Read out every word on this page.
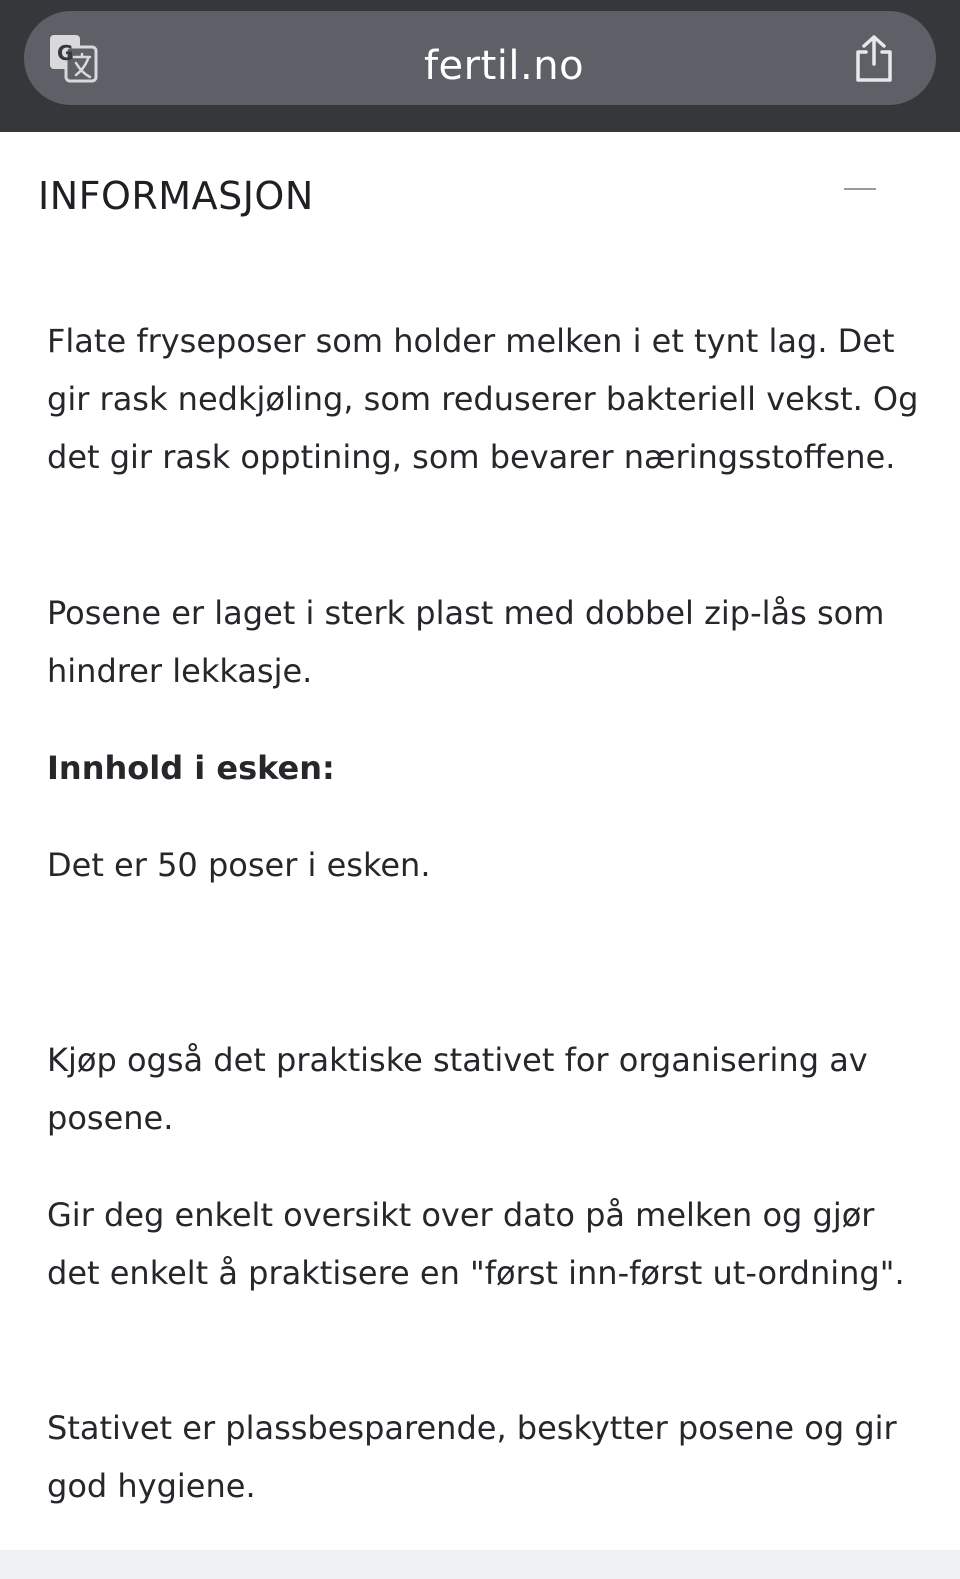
fertil.no
G
INFORMASJON

Flate fryseposer som holder melken i et tynt lag. Det gir rask nedkjøling, som reduserer bakteriell vekst. Og det gir rask opptining, som bevarer næringsstoffene.

Posene er laget i sterk plast med dobbel zip-lås som hindrer lekkasje.

Innhold i esken:

Det er 50 poser i esken.

Kjøp også det praktiske stativet for organisering av posene.

Gir deg enkelt oversikt over dato på melken og gjør det enkelt å praktisere en "først inn-først ut-ordning".

Stativet er plassbesparende, beskytter posene og gir god hygiene.
